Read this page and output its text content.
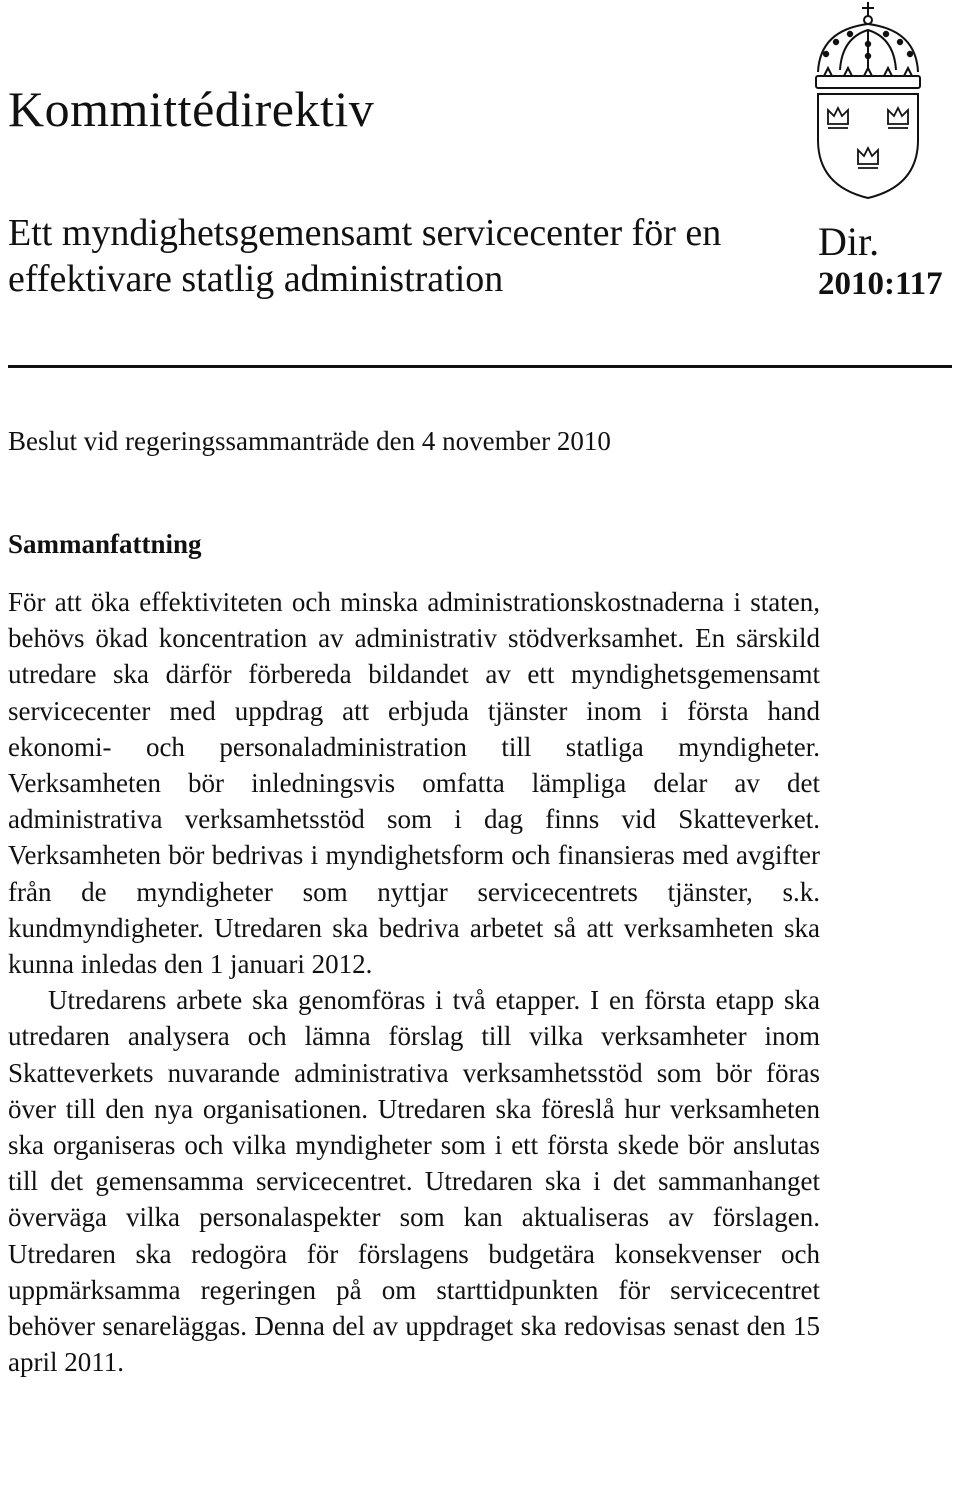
Kommittédirektiv
Ett myndighetsgemensamt servicecenter för en effektivare statlig administration
Dir.
2010:117

Beslut vid regeringssammanträde den 4 november 2010

Sammanfattning

För att öka effektiviteten och minska administrationskostnaderna i staten, behövs ökad koncentration av administrativ stödverksamhet. En särskild utredare ska därför förbereda bildandet av ett myndighetsgemensamt servicecenter med uppdrag att erbjuda tjänster inom i första hand ekonomi- och personaladministration till statliga myndigheter. Verksamheten bör inledningsvis omfatta lämpliga delar av det administrativa verksamhetsstöd som i dag finns vid Skatteverket. Verksamheten bör bedrivas i myndighetsform och finansieras med avgifter från de myndigheter som nyttjar servicecentrets tjänster, s.k. kundmyndigheter. Utredaren ska bedriva arbetet så att verksamheten ska kunna inledas den 1 januari 2012.

Utredarens arbete ska genomföras i två etapper. I en första etapp ska utredaren analysera och lämna förslag till vilka verksamheter inom Skatteverkets nuvarande administrativa verksamhetsstöd som bör föras över till den nya organisationen. Utredaren ska föreslå hur verksamheten ska organiseras och vilka myndigheter som i ett första skede bör anslutas till det gemensamma servicecentret. Utredaren ska i det sammanhanget överväga vilka personalaspekter som kan aktualiseras av förslagen. Utredaren ska redogöra för förslagens budgetära konsekvenser och uppmärksamma regeringen på om starttidpunkten för servicecentret behöver senareläggas. Denna del av uppdraget ska redovisas senast den 15 april 2011.
